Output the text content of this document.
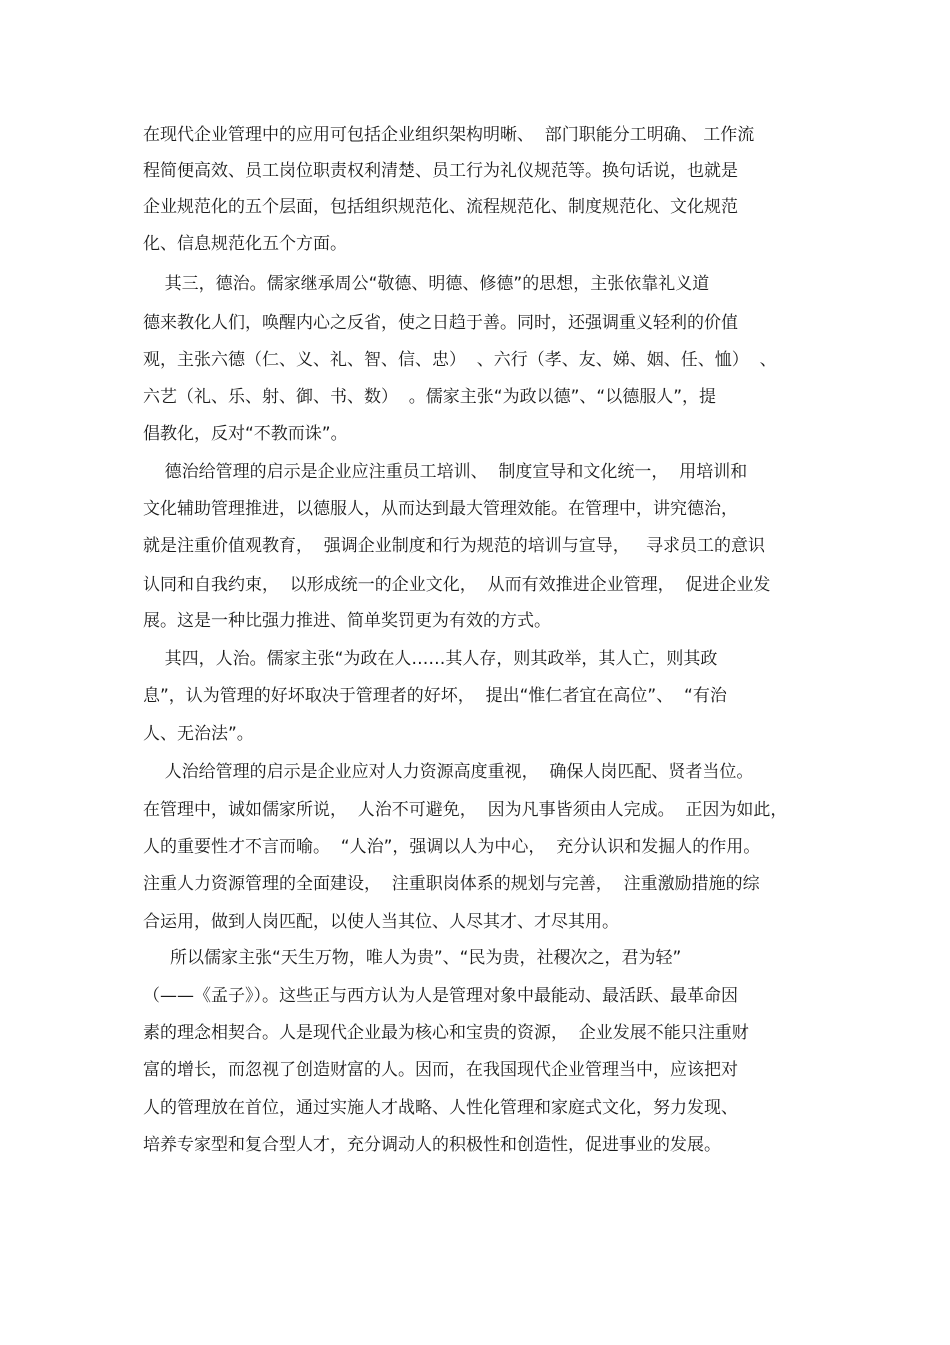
在现代企业管理中的应用可包括企业组织架构明晰、  部门职能分工明确、 工作流

程简便高效、员工岗位职责权利清楚、员工行为礼仪规范等。换句话说，也就是

企业规范化的五个层面，包括组织规范化、流程规范化、制度规范化、文化规范

化、信息规范化五个方面。

其三，德治。儒家继承周公“敬德、明德、修德”的思想，主张依靠礼义道

德来教化人们，唤醒内心之反省，使之日趋于善。同时，还强调重义轻利的价值

观，主张六德（仁、义、礼、智、信、忠）  、六行（孝、友、娣、姻、任、恤）  、

六艺（礼、乐、射、御、书、数）  。儒家主张“为政以德”、“以德服人”，提

倡教化，反对“不教而诛”。

德治给管理的启示是企业应注重员工培训、  制度宣导和文化统一，  用培训和

文化辅助管理推进，以德服人，从而达到最大管理效能。在管理中，讲究德治，

就是注重价值观教育，  强调企业制度和行为规范的培训与宣导，   寻求员工的意识

认同和自我约束，  以形成统一的企业文化，  从而有效推进企业管理，  促进企业发

展。这是一种比强力推进、简单奖罚更为有效的方式。

其四，人治。儒家主张“为政在人……其人存，则其政举，其人亡，则其政

息”，认为管理的好坏取决于管理者的好坏，  提出“惟仁者宜在高位”、  “有治

人、无治法”。

人治给管理的启示是企业应对人力资源高度重视，  确保人岗匹配、贤者当位。

在管理中，诚如儒家所说，  人治不可避免，  因为凡事皆须由人完成。  正因为如此，

人的重要性才不言而喻。  “人治”，强调以人为中心，  充分认识和发掘人的作用。

注重人力资源管理的全面建设，  注重职岗体系的规划与完善，  注重激励措施的综

合运用，做到人岗匹配，以使人当其位、人尽其才、才尽其用。

所以儒家主张“天生万物，唯人为贵”、“民为贵，社稷次之，君为轻”

（——《孟子》）。这些正与西方认为人是管理对象中最能动、最活跃、最革命因

素的理念相契合。人是现代企业最为核心和宝贵的资源，  企业发展不能只注重财

富的增长，而忽视了创造财富的人。因而，在我国现代企业管理当中，应该把对

人的管理放在首位，通过实施人才战略、人性化管理和家庭式文化，努力发现、

培养专家型和复合型人才，充分调动人的积极性和创造性，促进事业的发展。
